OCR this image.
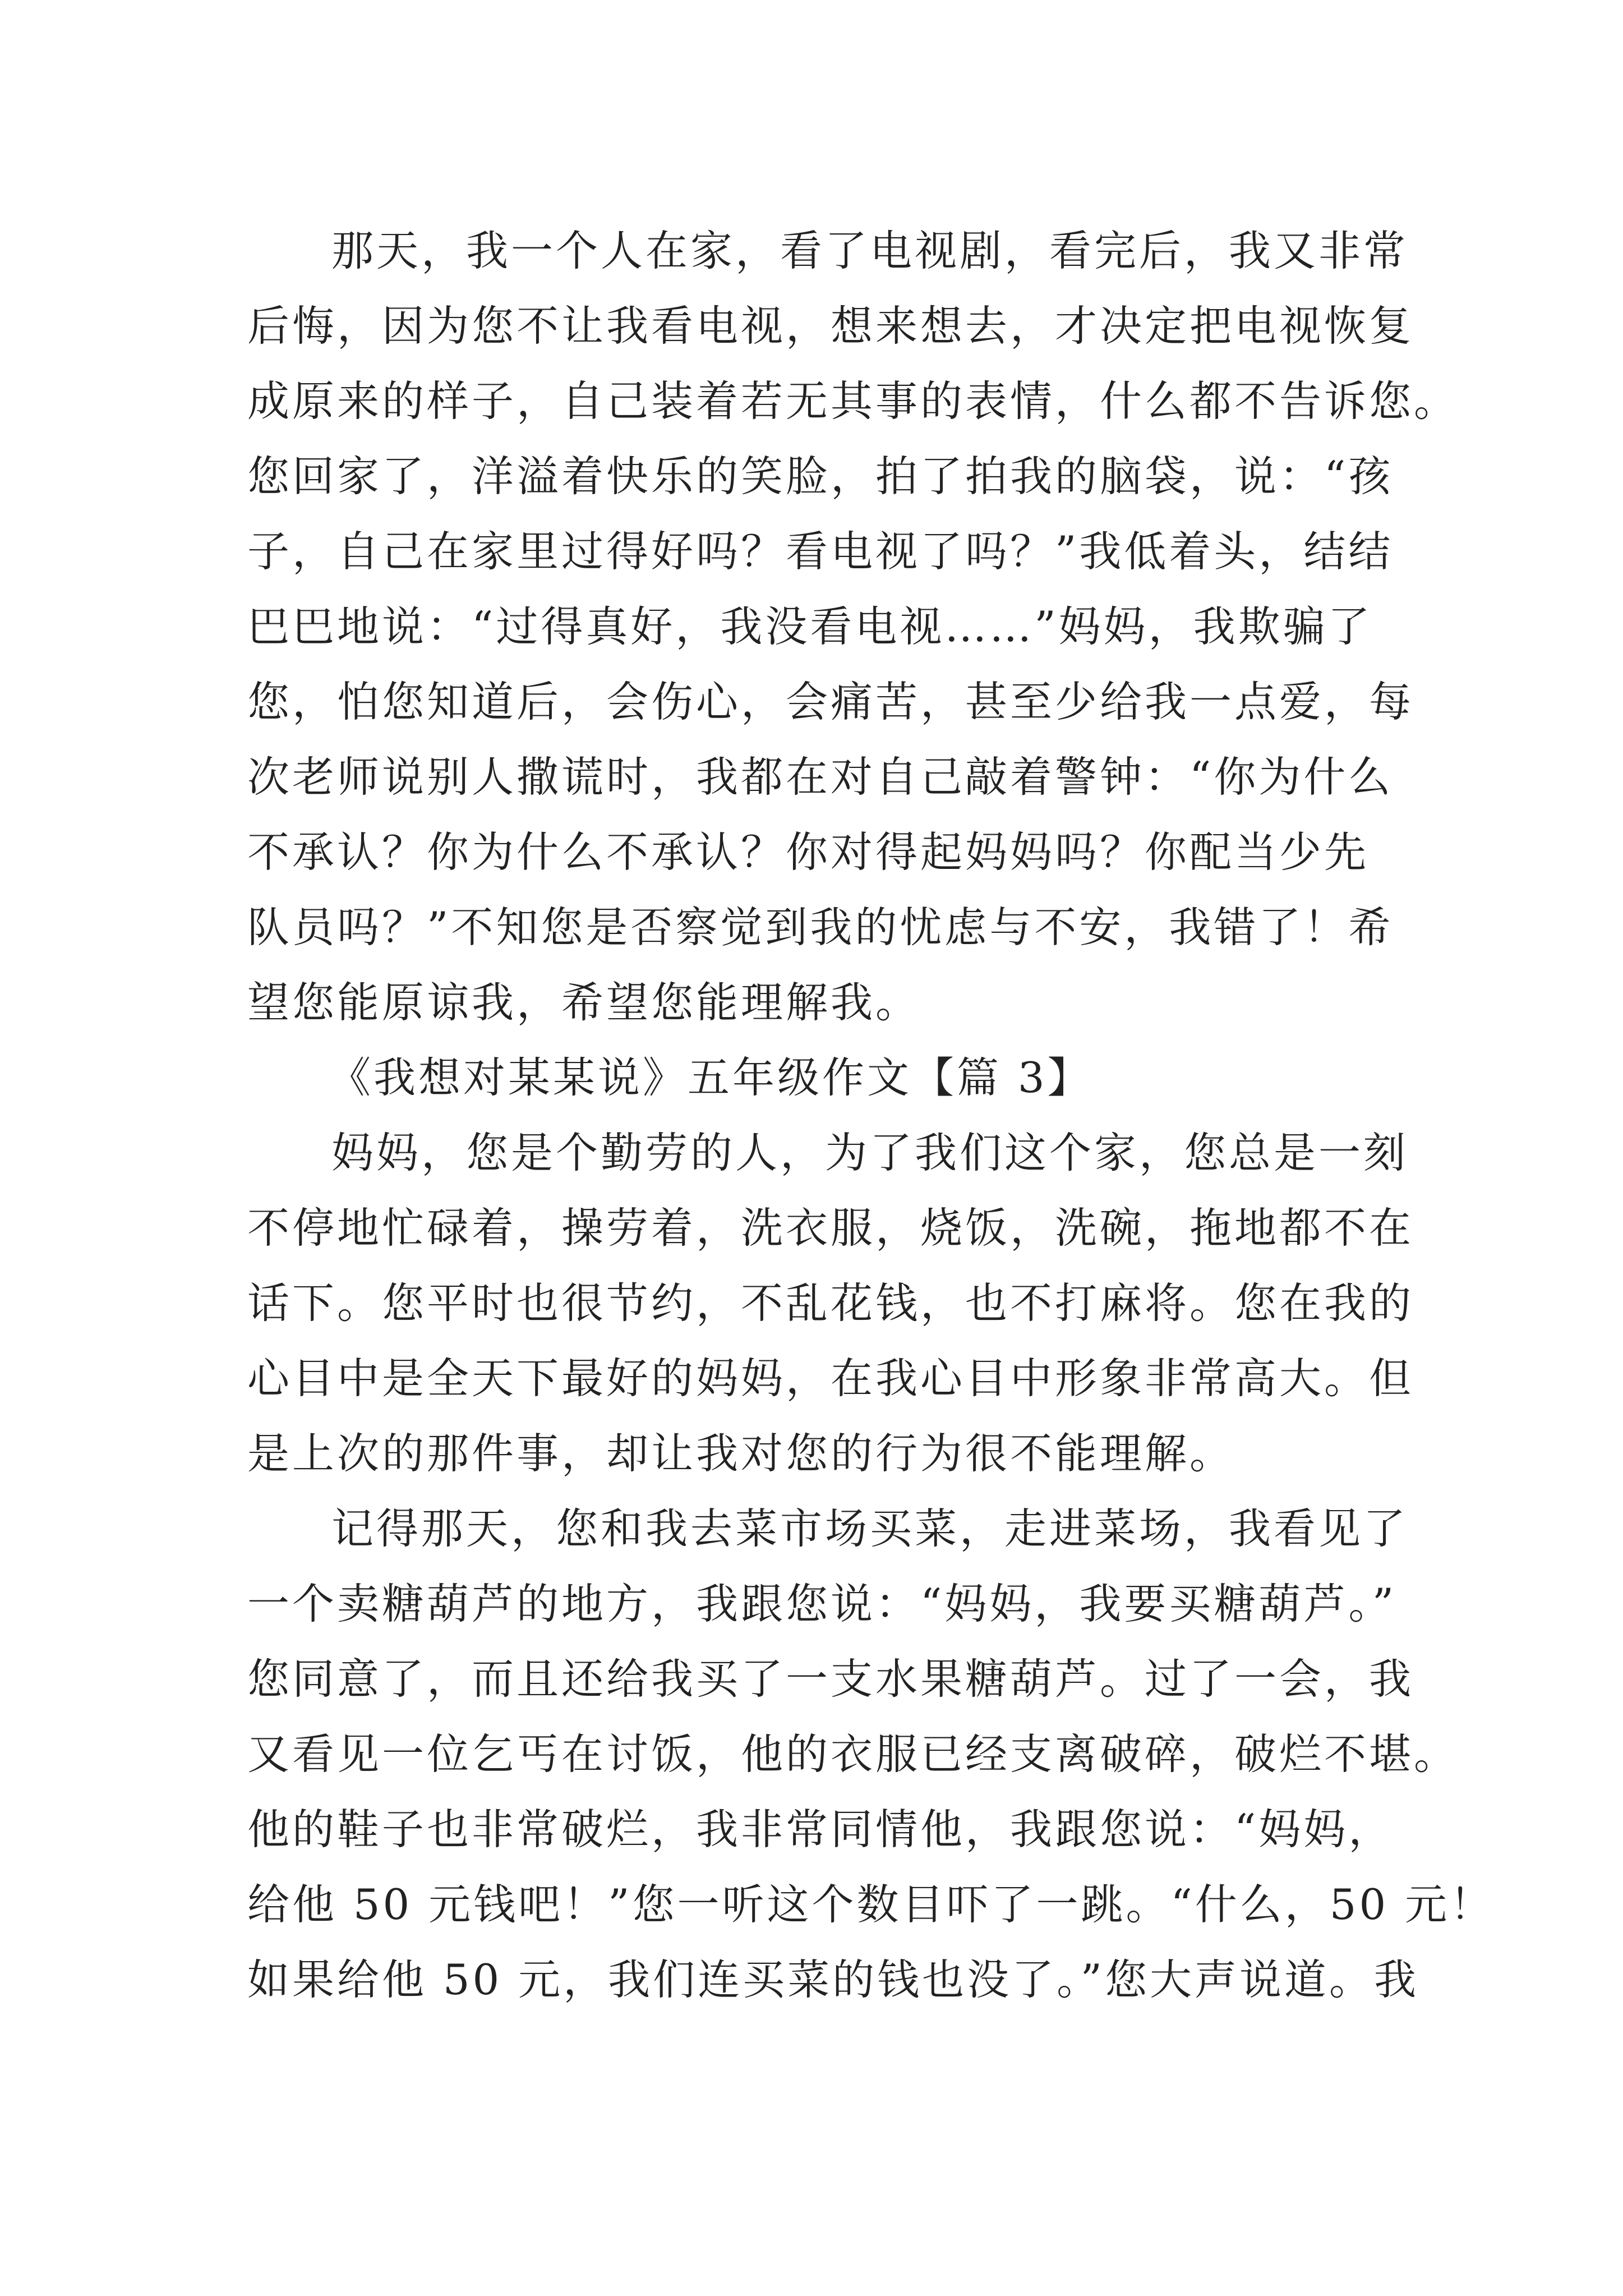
那天，我一个人在家，看了电视剧，看完后，我又非常
后悔，因为您不让我看电视，想来想去，才决定把电视恢复
成原来的样子，自己装着若无其事的表情，什么都不告诉您。
您回家了，洋溢着快乐的笑脸，拍了拍我的脑袋，说：“孩
子，自己在家里过得好吗？看电视了吗？”我低着头，结结
巴巴地说：“过得真好，我没看电视……”妈妈，我欺骗了
您，怕您知道后，会伤心，会痛苦，甚至少给我一点爱，每
次老师说别人撒谎时，我都在对自己敲着警钟：“你为什么
不承认？你为什么不承认？你对得起妈妈吗？你配当少先
队员吗？”不知您是否察觉到我的忧虑与不安，我错了！希
望您能原谅我，希望您能理解我。
《我想对某某说》五年级作文【篇 3】
妈妈，您是个勤劳的人，为了我们这个家，您总是一刻
不停地忙碌着，操劳着，洗衣服，烧饭，洗碗，拖地都不在
话下。您平时也很节约，不乱花钱，也不打麻将。您在我的
心目中是全天下最好的妈妈，在我心目中形象非常高大。但
是上次的那件事，却让我对您的行为很不能理解。
记得那天，您和我去菜市场买菜，走进菜场，我看见了
一个卖糖葫芦的地方，我跟您说：“妈妈，我要买糖葫芦。”
您同意了，而且还给我买了一支水果糖葫芦。过了一会，我
又看见一位乞丐在讨饭，他的衣服已经支离破碎，破烂不堪。
他的鞋子也非常破烂，我非常同情他，我跟您说：“妈妈，
给他 50 元钱吧！”您一听这个数目吓了一跳。“什么，50 元！
如果给他 50 元，我们连买菜的钱也没了。”您大声说道。我
